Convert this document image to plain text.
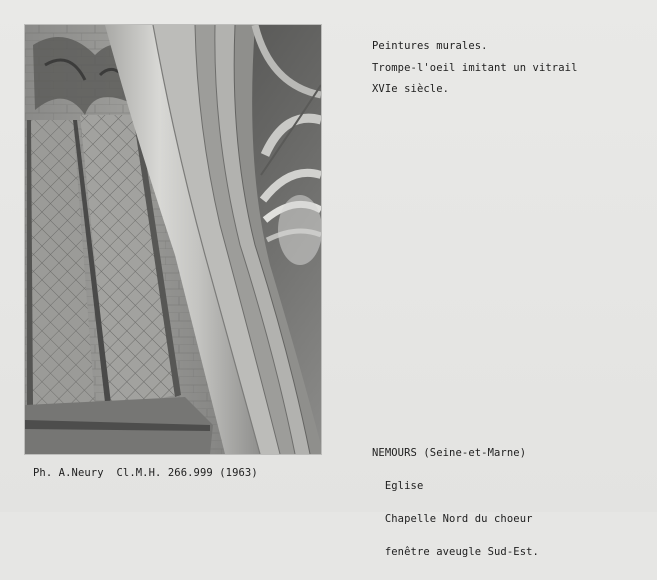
Peintures murales.
Trompe-l'oeil imitant un vitrail
XVIe siècle.

NEMOURS (Seine-et-Marne)

Eglise

Chapelle Nord du choeur

fenêtre aveugle Sud-Est.

Ph. A.Neury  Cl.M.H. 266.999 (1963)
